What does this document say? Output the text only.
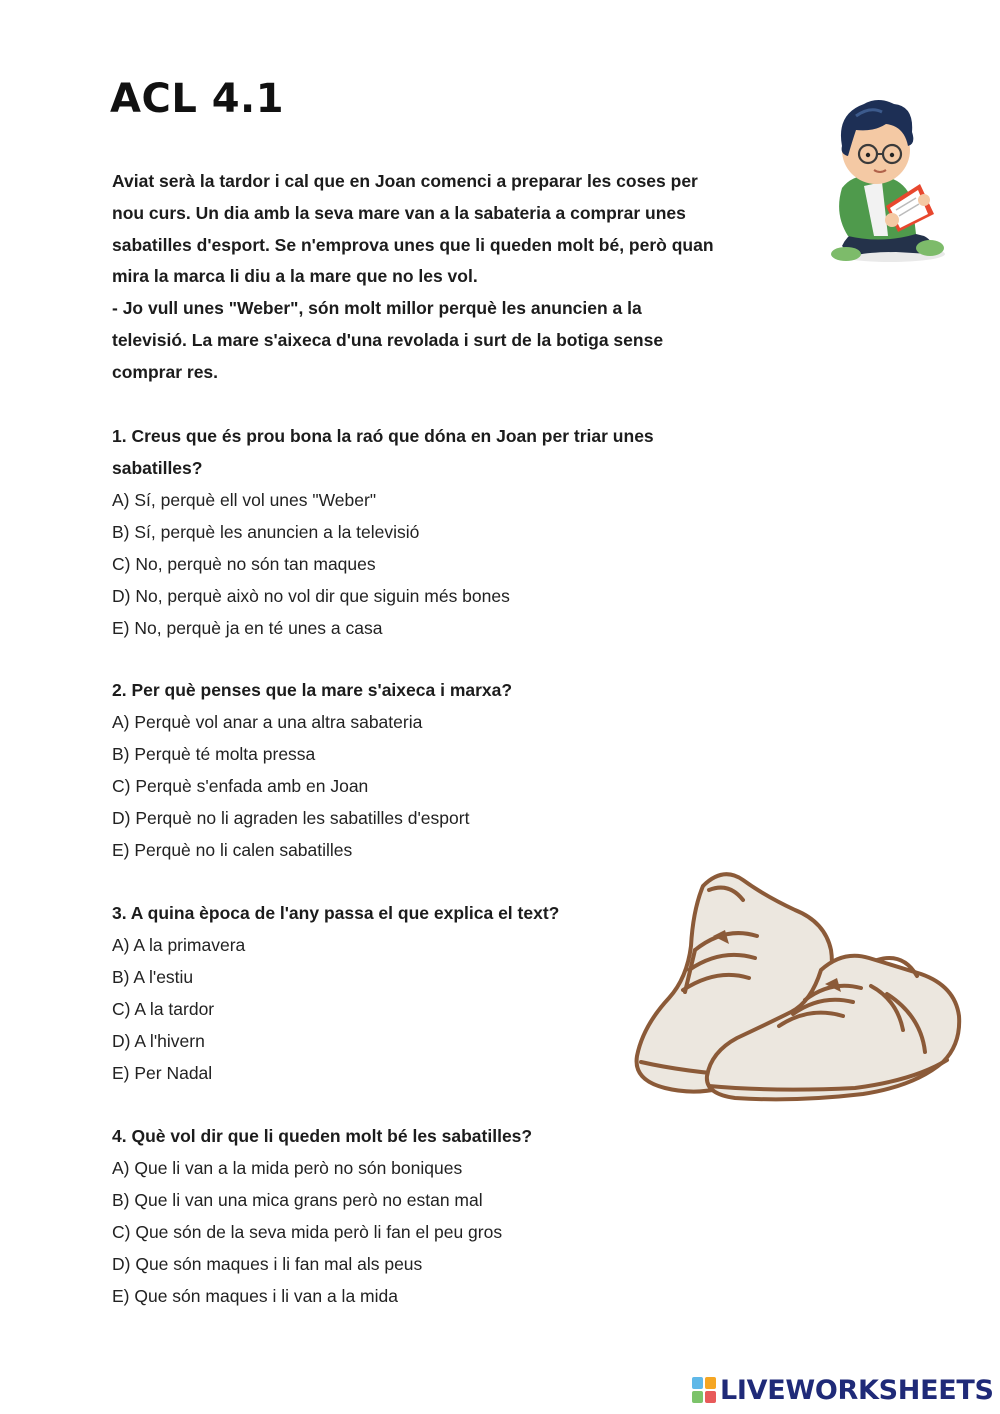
ACL 4.1

Aviat serà la tardor i cal que en Joan comenci a preparar les coses per

nou curs. Un dia amb la seva mare van a la sabateria a comprar unes

sabatilles d'esport. Se n'emprova unes que li queden molt bé, però quan

mira la marca li diu a la mare que no les vol.

- Jo vull unes "Weber", són molt millor perquè les anuncien a la

televisió. La mare s'aixeca d'una revolada i surt de la botiga sense

comprar res.

1. Creus que és prou bona la raó que dóna en Joan per triar unes

sabatilles?

A) Sí, perquè ell vol unes "Weber"

B) Sí, perquè les anuncien a la televisió

C) No, perquè no són tan maques

D) No, perquè això no vol dir que siguin més bones

E) No, perquè ja en té unes a casa

2. Per què penses que la mare s'aixeca i marxa?

A) Perquè vol anar a una altra sabateria

B) Perquè té molta pressa

C) Perquè s'enfada amb en Joan

D) Perquè no li agraden les sabatilles d'esport

E) Perquè no li calen sabatilles

3. A quina època de l'any passa el que explica el text?

A) A la primavera

B) A l'estiu

C) A la tardor

D) A l'hivern

E) Per Nadal

4. Què vol dir que li queden molt bé les sabatilles?

A) Que li van a la mida però no són boniques

B) Que li van una mica grans però no estan mal

C) Que són de la seva mida però li fan el peu gros

D) Que són maques i li fan mal als peus

E) Que són maques i li van a la mida

LIVEWORKSHEETS
